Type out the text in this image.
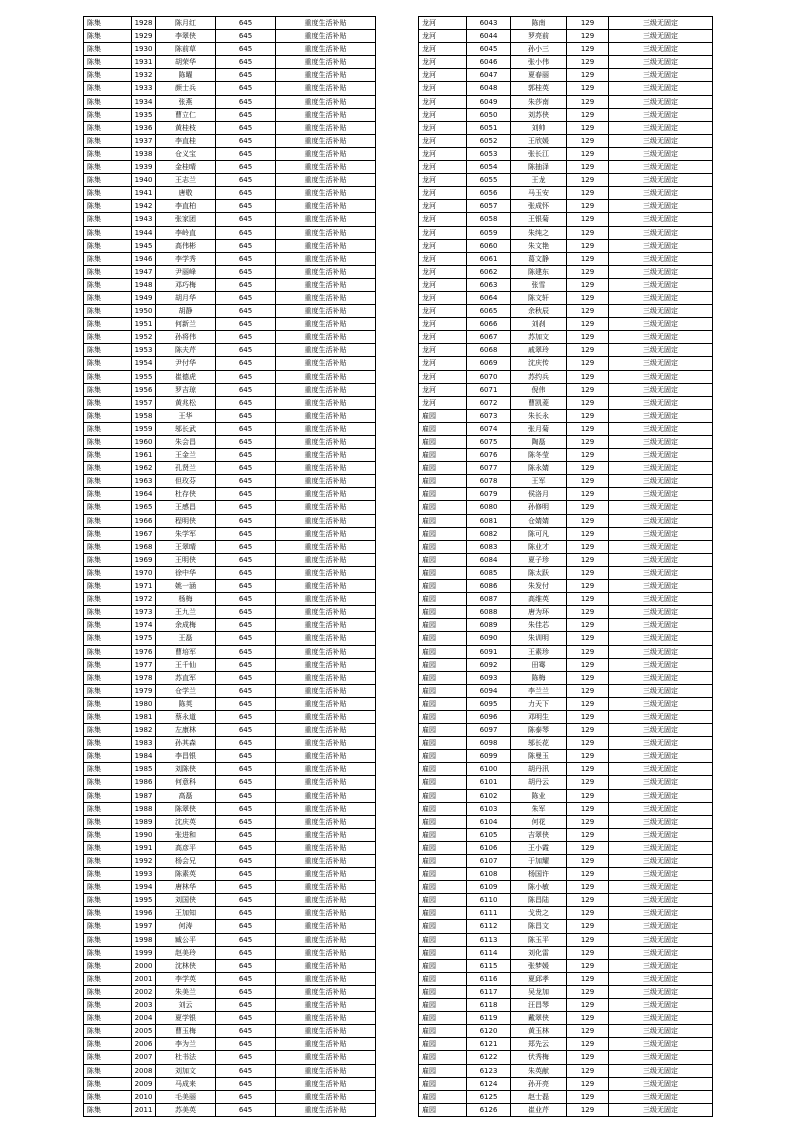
陈集	1928	陈月红	645	重度生活补贴
陈集	1929	李翠侠	645	重度生活补贴
陈集	1930	陈前草	645	重度生活补贴
陈集	1931	胡荣华	645	重度生活补贴
陈集	1932	陈曜	645	重度生活补贴
陈集	1933	颜士兵	645	重度生活补贴
陈集	1934	张燕	645	重度生活补贴
陈集	1935	曹立仁	645	重度生活补贴
陈集	1936	黄桂枝	645	重度生活补贴
陈集	1937	李直桂	645	重度生活补贴
陈集	1938	仓义宝	645	重度生活补贴
陈集	1939	金桂晴	645	重度生活补贴
陈集	1940	王志兰	645	重度生活补贴
陈集	1941	唐敬	645	重度生活补贴
陈集	1942	李直柏	645	重度生活补贴
陈集	1943	张家团	645	重度生活补贴
陈集	1944	李岭直	645	重度生活补贴
陈集	1945	高伟彬	645	重度生活补贴
陈集	1946	李学秀	645	重度生活补贴
陈集	1947	尹丽峰	645	重度生活补贴
陈集	1948	邓巧梅	645	重度生活补贴
陈集	1949	胡月华	645	重度生活补贴
陈集	1950	胡静	645	重度生活补贴
陈集	1951	何新兰	645	重度生活补贴
陈集	1952	孙将伟	645	重度生活补贴
陈集	1953	陈夫芹	645	重度生活补贴
陈集	1954	尹付华	645	重度生活补贴
陈集	1955	崔德虎	645	重度生活补贴
陈集	1956	罗吉琼	645	重度生活补贴
陈集	1957	黄兆松	645	重度生活补贴
陈集	1958	王华	645	重度生活补贴
陈集	1959	邬长武	645	重度生活补贴
陈集	1960	朱会昌	645	重度生活补贴
陈集	1961	王金兰	645	重度生活补贴
陈集	1962	孔贤兰	645	重度生活补贴
陈集	1963	但玫芬	645	重度生活补贴
陈集	1964	杜存侠	645	重度生活补贴
陈集	1965	王感昌	645	重度生活补贴
陈集	1966	程明侠	645	重度生活补贴
陈集	1967	朱学军	645	重度生活补贴
陈集	1968	王翠晴	645	重度生活补贴
陈集	1969	王明侠	645	重度生活补贴
陈集	1970	徐中华	645	重度生活补贴
陈集	1971	姚一涵	645	重度生活补贴
陈集	1972	杨梅	645	重度生活补贴
陈集	1973	王九兰	645	重度生活补贴
陈集	1974	余成梅	645	重度生活补贴
陈集	1975	王磊	645	重度生活补贴
陈集	1976	曹培军	645	重度生活补贴
陈集	1977	王千仙	645	重度生活补贴
陈集	1978	苏直军	645	重度生活补贴
陈集	1979	仓学兰	645	重度生活补贴
陈集	1980	陈英	645	重度生活补贴
陈集	1981	蔡永道	645	重度生活补贴
陈集	1982	左康林	645	重度生活补贴
陈集	1983	孙其森	645	重度生活补贴
陈集	1984	李昌银	645	重度生活补贴
陈集	1985	刘陈侠	645	重度生活补贴
陈集	1986	何意科	645	重度生活补贴
陈集	1987	高磊	645	重度生活补贴
陈集	1988	陈翠侠	645	重度生活补贴
陈集	1989	沈庆英	645	重度生活补贴
陈集	1990	张进和	645	重度生活补贴
陈集	1991	高彦平	645	重度生活补贴
陈集	1992	杨会兄	645	重度生活补贴
陈集	1993	陈素英	645	重度生活补贴
陈集	1994	唐林华	645	重度生活补贴
陈集	1995	刘国侠	645	重度生活补贴
陈集	1996	王加知	645	重度生活补贴
陈集	1997	何涛	645	重度生活补贴
陈集	1998	臧公平	645	重度生活补贴
陈集	1999	赵美玲	645	重度生活补贴
陈集	2000	沈林侠	645	重度生活补贴
陈集	2001	李学英	645	重度生活补贴
陈集	2002	朱美兰	645	重度生活补贴
陈集	2003	刘云	645	重度生活补贴
陈集	2004	夏学银	645	重度生活补贴
陈集	2005	曹玉梅	645	重度生活补贴
陈集	2006	李为兰	645	重度生活补贴
陈集	2007	杜书法	645	重度生活补贴
陈集	2008	刘加文	645	重度生活补贴
陈集	2009	马成来	645	重度生活补贴
陈集	2010	毛美丽	645	重度生活补贴
陈集	2011	苏美英	645	重度生活补贴
龙河	6043	陈南	129	三级无固定
龙河	6044	罗亮前	129	三级无固定
龙河	6045	孙小三	129	三级无固定
龙河	6046	张小伟	129	三级无固定
龙河	6047	夏春丽	129	三级无固定
龙河	6048	郭桂英	129	三级无固定
龙河	6049	朱莎南	129	三级无固定
龙河	6050	刘苏侠	129	三级无固定
龙河	6051	刘帅	129	三级无固定
龙河	6052	王欣媛	129	三级无固定
龙河	6053	张长江	129	三级无固定
龙河	6054	陈抽泽	129	三级无固定
龙河	6055	王龙	129	三级无固定
龙河	6056	马玉安	129	三级无固定
龙河	6057	张成怀	129	三级无固定
龙河	6058	王银菊	129	三级无固定
龙河	6059	朱纯之	129	三级无固定
龙河	6060	朱文艳	129	三级无固定
龙河	6061	葛文静	129	三级无固定
龙河	6062	陈建东	129	三级无固定
龙河	6063	张雪	129	三级无固定
龙河	6064	陈文轩	129	三级无固定
龙河	6065	余秋辰	129	三级无固定
龙河	6066	刘刹	129	三级无固定
龙河	6067	苏加文	129	三级无固定
龙河	6068	戚翠玲	129	三级无固定
龙河	6069	沈庆传	129	三级无固定
龙河	6070	苏约兵	129	三级无固定
龙河	6071	倪伟	129	三级无固定
龙河	6072	曹凯菱	129	三级无固定
雇园	6073	朱长永	129	三级无固定
雇园	6074	张月菊	129	三级无固定
雇园	6075	陶磊	129	三级无固定
雇园	6076	陈冬莹	129	三级无固定
雇园	6077	陈永婧	129	三级无固定
雇园	6078	王军	129	三级无固定
雇园	6079	侯洛月	129	三级无固定
雇园	6080	孙修明	129	三级无固定
雇园	6081	仓婧婧	129	三级无固定
雇园	6082	陈可凡	129	三级无固定
雇园	6083	陈业才	129	三级无固定
雇园	6084	夏子珍	129	三级无固定
雇园	6085	陈太跃	129	三级无固定
雇园	6086	朱发付	129	三级无固定
雇园	6087	高维英	129	三级无固定
雇园	6088	唐为环	129	三级无固定
雇园	6089	朱佳芯	129	三级无固定
雇园	6090	朱训明	129	三级无固定
雇园	6091	王素珍	129	三级无固定
雇园	6092	田骞	129	三级无固定
雇园	6093	陈梅	129	三级无固定
雇园	6094	李兰兰	129	三级无固定
雇园	6095	力天下	129	三级无固定
雇园	6096	邓明生	129	三级无固定
雇园	6097	陈泰琴	129	三级无固定
雇园	6098	邬长花	129	三级无固定
雇园	6099	陈曼玉	129	三级无固定
雇园	6100	胡丹汛	129	三级无固定
雇园	6101	胡丹云	129	三级无固定
雇园	6102	陈业	129	三级无固定
雇园	6103	朱军	129	三级无固定
雇园	6104	何花	129	三级无固定
雇园	6105	吉翠侠	129	三级无固定
雇园	6106	王小霞	129	三级无固定
雇园	6107	于加耀	129	三级无固定
雇园	6108	杨国许	129	三级无固定
雇园	6109	陈小敏	129	三级无固定
雇园	6110	陈昌陆	129	三级无固定
雇园	6111	戈贵之	129	三级无固定
雇园	6112	陈昌文	129	三级无固定
雇园	6113	陈玉平	129	三级无固定
雇园	6114	刘化雷	129	三级无固定
雇园	6115	张梦媛	129	三级无固定
雇园	6116	夏邱孝	129	三级无固定
雇园	6117	吴龙加	129	三级无固定
雇园	6118	汪昌琴	129	三级无固定
雇园	6119	戴翠侠	129	三级无固定
雇园	6120	黄玉林	129	三级无固定
雇园	6121	郑先云	129	三级无固定
雇园	6122	伏秀梅	129	三级无固定
雇园	6123	朱英献	129	三级无固定
雇园	6124	孙开亮	129	三级无固定
雇园	6125	赵士磊	129	三级无固定
雇园	6126	崔业芹	129	三级无固定
